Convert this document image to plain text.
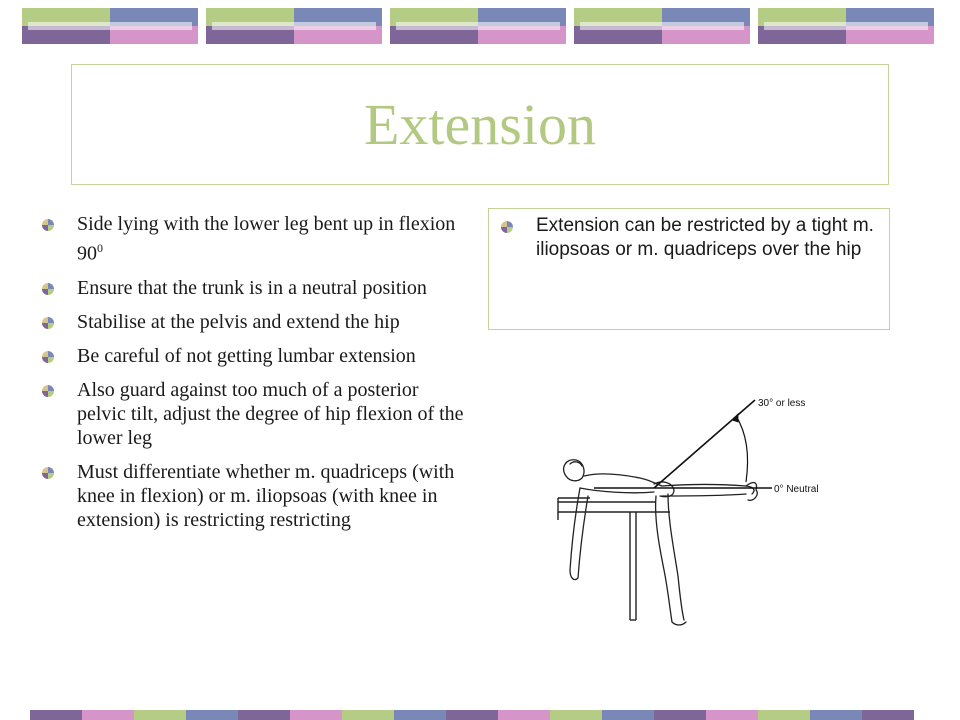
Extension
Side lying with the lower leg bent up in flexion $90^0$
Ensure that the trunk is in a neutral position
Stabilise at the pelvis and extend the hip
Be careful of not getting lumbar extension
Also guard against too much of a posterior pelvic tilt, adjust the degree of hip flexion of the lower leg
Must differentiate whether m. quadriceps (with knee in flexion) or m. iliopsoas (with knee in extension) is restricting restricting
Extension can be restricted by a tight m. iliopsoas or m. quadriceps over the hip
30° or less
0° Neutral
